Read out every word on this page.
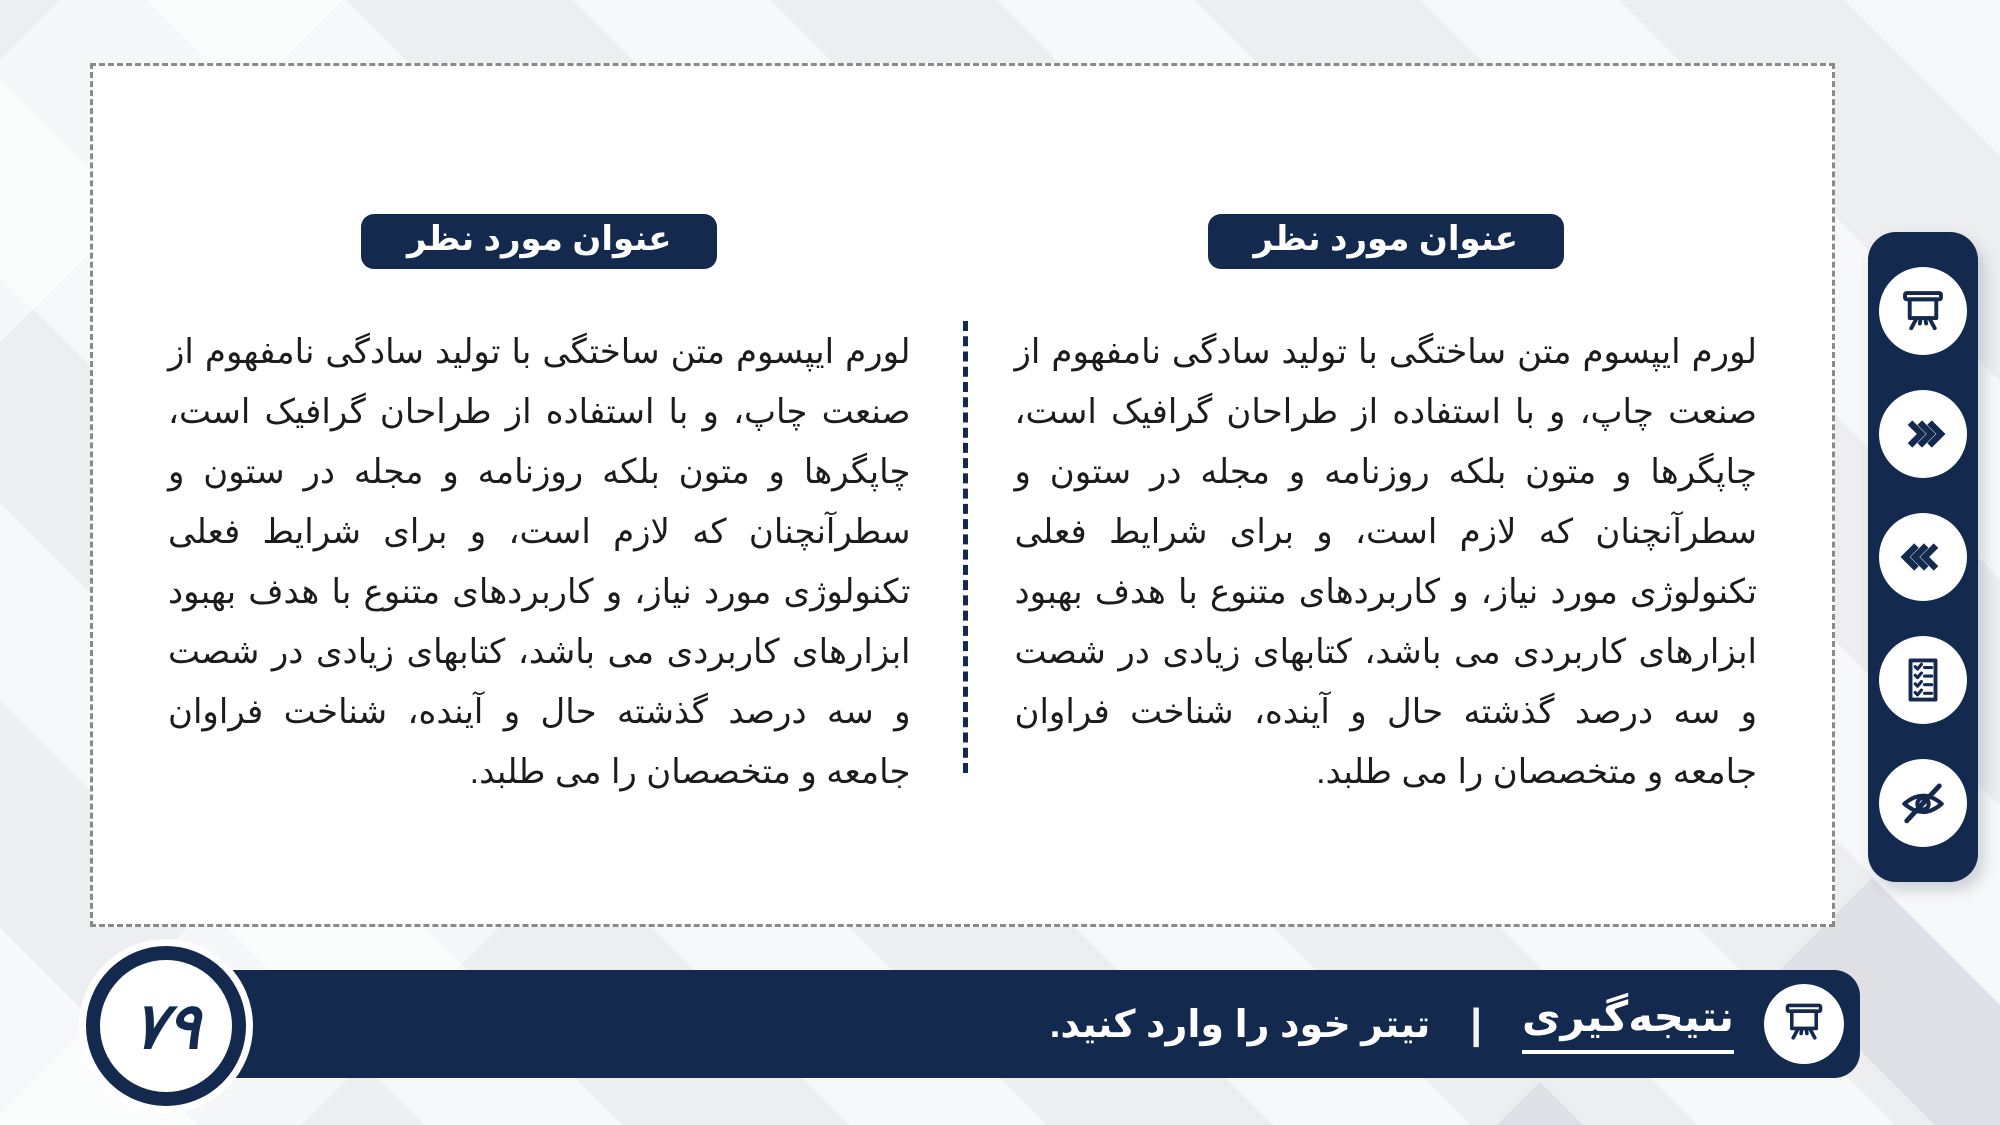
عنوان مورد نظر
لورم ایپسوم متن ساختگی با تولید سادگی نامفهوم از صنعت چاپ، و با استفاده از طراحان گرافیک است، چاپگرها و متون بلکه روزنامه و مجله در ستون و سطرآنچنان که لازم است، و برای شرایط فعلی تکنولوژی مورد نیاز، و کاربردهای متنوع با هدف بهبود ابزارهای کاربردی می باشد، کتابهای زیادی در شصت و سه درصد گذشته حال و آینده، شناخت فراوان جامعه و متخصصان را می طلبد.
عنوان مورد نظر
لورم ایپسوم متن ساختگی با تولید سادگی نامفهوم از صنعت چاپ، و با استفاده از طراحان گرافیک است، چاپگرها و متون بلکه روزنامه و مجله در ستون و سطرآنچنان که لازم است، و برای شرایط فعلی تکنولوژی مورد نیاز، و کاربردهای متنوع با هدف بهبود ابزارهای کاربردی می باشد، کتابهای زیادی در شصت و سه درصد گذشته حال و آینده، شناخت فراوان جامعه و متخصصان را می طلبد.
نتیجه‌گیری
|
تیتر خود را وارد کنید.
۷۹
